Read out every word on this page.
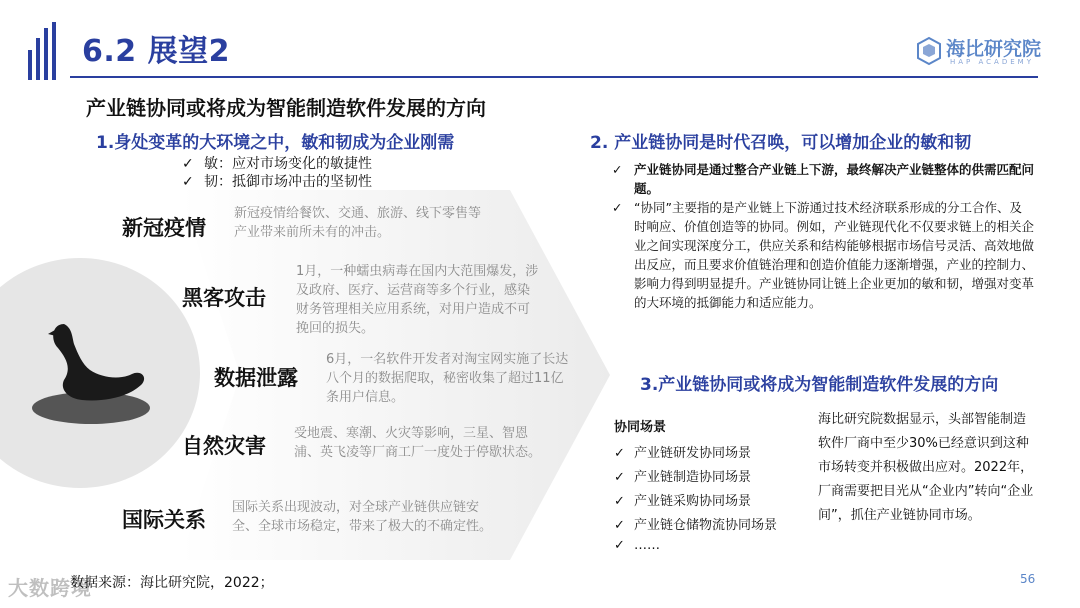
6.2 展望2	海比研究院
HAP ACADEMY
产业链协同或将成为智能制造软件发展的方向
1.身处变革的大环境之中，敏和韧成为企业刚需
✓ 敏：应对市场变化的敏捷性
✓ 韧：抵御市场冲击的坚韧性
新冠疫情
新冠疫情给餐饮、交通、旅游、线下零售等产业带来前所未有的冲击。
黑客攻击
1月，一种蠕虫病毒在国内大范围爆发，涉及政府、医疗、运营商等多个行业，感染财务管理相关应用系统，对用户造成不可挽回的损失。
数据泄露
6月，一名软件开发者对淘宝网实施了长达八个月的数据爬取，秘密收集了超过11亿条用户信息。
自然灾害
受地震、寒潮、火灾等影响，三星、智恩浦、英飞凌等厂商工厂一度处于停歇状态。
国际关系
国际关系出现波动，对全球产业链供应链安全、全球市场稳定，带来了极大的不确定性。
2. 产业链协同是时代召唤，可以增加企业的敏和韧
✓ 产业链协同是通过整合产业链上下游，最终解决产业链整体的供需匹配问题。
✓ “协同”主要指的是产业链上下游通过技术经济联系形成的分工合作、及时响应、价值创造等的协同。例如，产业链现代化不仅要求链上的相关企业之间实现深度分工，供应关系和结构能够根据市场信号灵活、高效地做出反应，而且要求价值链治理和创造价值能力逐渐增强，产业的控制力、影响力得到明显提升。产业链协同让链上企业更加的敏和韧，增强对变革的大环境的抵御能力和适应能力。
3.产业链协同或将成为智能制造软件发展的方向
协同场景
✓ 产业链研发协同场景
✓ 产业链制造协同场景
✓ 产业链采购协同场景
✓ 产业链仓储物流协同场景
✓ ……
海比研究院数据显示，头部智能制造软件厂商中至少30%已经意识到这种市场转变并积极做出应对。2022年，厂商需要把目光从“企业内”转向“企业间”，抓住产业链协同市场。
大数跨境
数据来源：海比研究院，2022；	56
